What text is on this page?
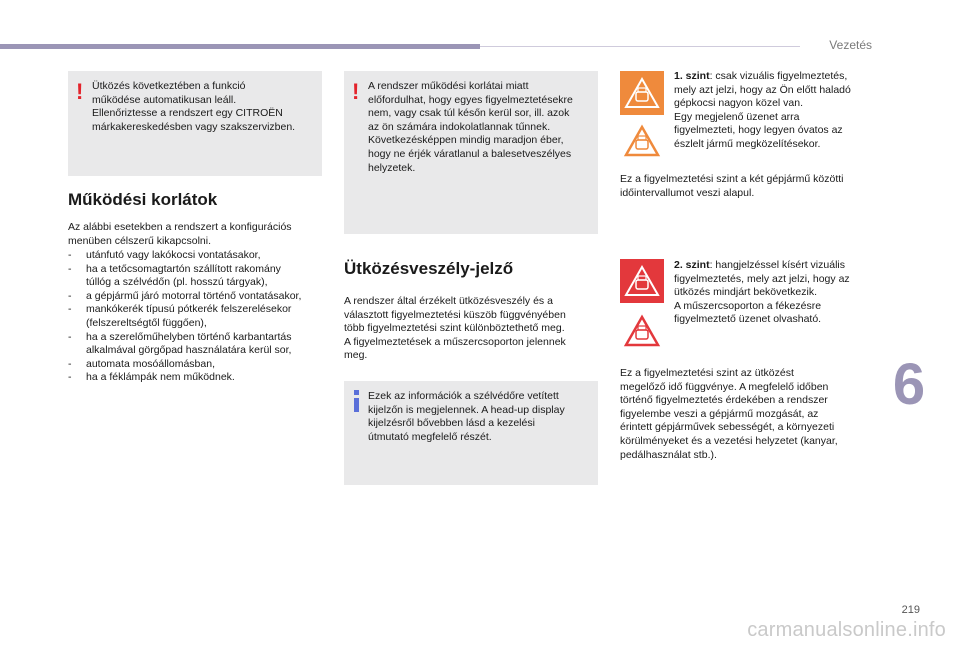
Vezetés
! Ütközés következtében a funkció
működése automatikusan leáll.
Ellenőriztesse a rendszert egy CITROËN
márkakereskedésben vagy szakszervizben.
Működési korlátok
Az alábbi esetekben a rendszert a konfigurációs
menüben célszerű kikapcsolni.
- utánfutó vagy lakókocsi vontatásakor,
- ha a tetőcsomagtartón szállított rakomány
túllóg a szélvédőn (pl. hosszú tárgyak),
- a gépjármű járó motorral történő vontatásakor,
- mankókerék típusú pótkerék felszerelésekor
(felszereltségtől függően),
- ha a szerelőműhelyben történő karbantartás
alkalmával görgőpad használatára kerül sor,
- automata mosóállomásban,
- ha a féklámpák nem működnek.
! A rendszer működési korlátai miatt
előfordulhat, hogy egyes figyelmeztetésekre
nem, vagy csak túl későn kerül sor, ill. azok
az ön számára indokolatlannak tűnnek.
Következésképpen mindig maradjon éber,
hogy ne érjék váratlanul a balesetveszélyes
helyzetek.
Ütközésveszély-jelző
A rendszer által érzékelt ütközésveszély és a
választott figyelmeztetési küszöb függvényében
több figyelmeztetési szint különböztethető meg.
A figyelmeztetések a műszercsoporton jelennek
meg.
Ezek az információk a szélvédőre vetített
kijelzőn is megjelennek. A head-up display
kijelzésről bővebben lásd a kezelési
útmutató megfelelő részét.
1. szint: csak vizuális figyelmeztetés,
mely azt jelzi, hogy az Ön előtt haladó
gépkocsi nagyon közel van.
Egy megjelenő üzenet arra
figyelmezteti, hogy legyen óvatos az
észlelt jármű megközelítésekor.
Ez a figyelmeztetési szint a két gépjármű közötti
időintervallumot veszi alapul.
2. szint: hangjelzéssel kísért vizuális
figyelmeztetés, mely azt jelzi, hogy az
ütközés mindjárt bekövetkezik.
A műszercsoporton a fékezésre
figyelmeztető üzenet olvasható.
Ez a figyelmeztetési szint az ütközést
megelőző idő függvénye. A megfelelő időben
történő figyelmeztetés érdekében a rendszer
figyelembe veszi a gépjármű mozgását, az
érintett gépjárművek sebességét, a környezeti
körülményeket és a vezetési helyzetet (kanyar,
pedálhasználat stb.).
6
219
carmanualsonline.info
